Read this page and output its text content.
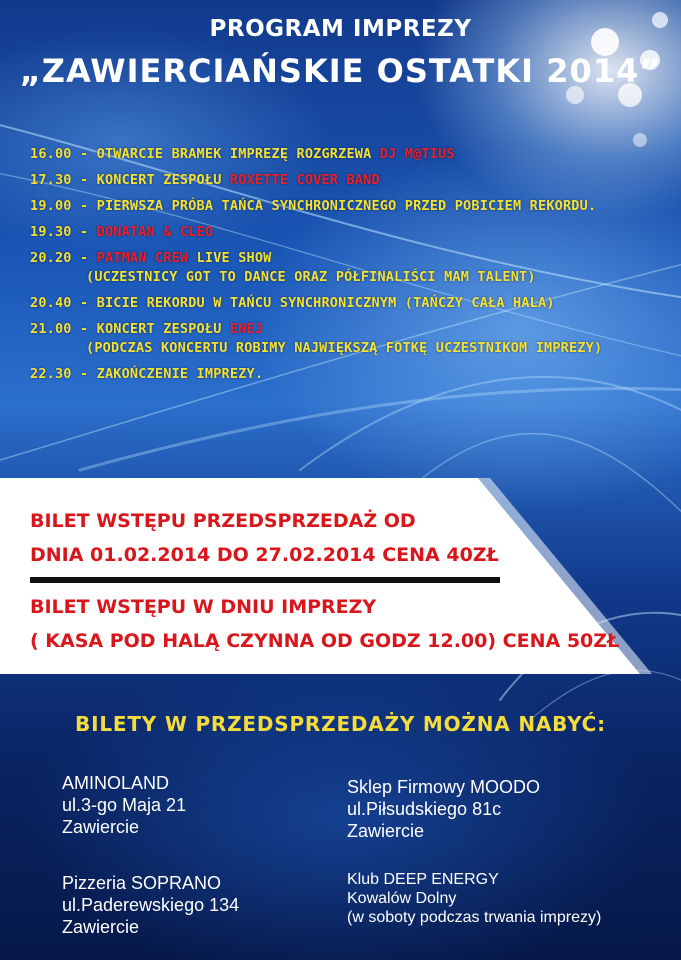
PROGRAM IMPREZY
„ZAWIERCIAŃSKIE OSTATKI 2014”
16.00 - OTWARCIE BRAMEK IMPREZĘ ROZGRZEWA DJ M@TIUS
17.30 - KONCERT ZESPOŁU ROXETTE COVER BAND
19.00 - PIERWSZA PRÓBA TAŃCA SYNCHRONICZNEGO PRZED POBICIEM REKORDU.
19.30 - DONATAN & CLEO
20.20 - PATMAN CREW LIVE SHOW
(UCZESTNICY GOT TO DANCE ORAZ PÓŁFINALIŚCI MAM TALENT)
20.40 - BICIE REKORDU W TAŃCU SYNCHRONICZNYM (TAŃCZY CAŁA HALA)
21.00 - KONCERT ZESPOŁU ENEJ
(PODCZAS KONCERTU ROBIMY NAJWIĘKSZĄ FOTKĘ UCZESTNIKOM IMPREZY)
22.30 - ZAKOŃCZENIE IMPREZY.
BILET WSTĘPU PRZEDSPRZEDAŻ OD
DNIA 01.02.2014 DO 27.02.2014 CENA 40ZŁ
BILET WSTĘPU W DNIU IMPREZY
( KASA POD HALĄ CZYNNA OD GODZ 12.00) CENA 50ZŁ
BILETY W PRZEDSPRZEDAŻY MOŻNA NABYĆ:
AMINOLAND
ul.3-go Maja 21
Zawiercie
Sklep Firmowy MOODO
ul.Piłsudskiego 81c
Zawiercie
Pizzeria SOPRANO
ul.Paderewskiego 134
Zawiercie
Klub DEEP ENERGY
Kowalów Dolny
(w soboty podczas trwania imprezy)
